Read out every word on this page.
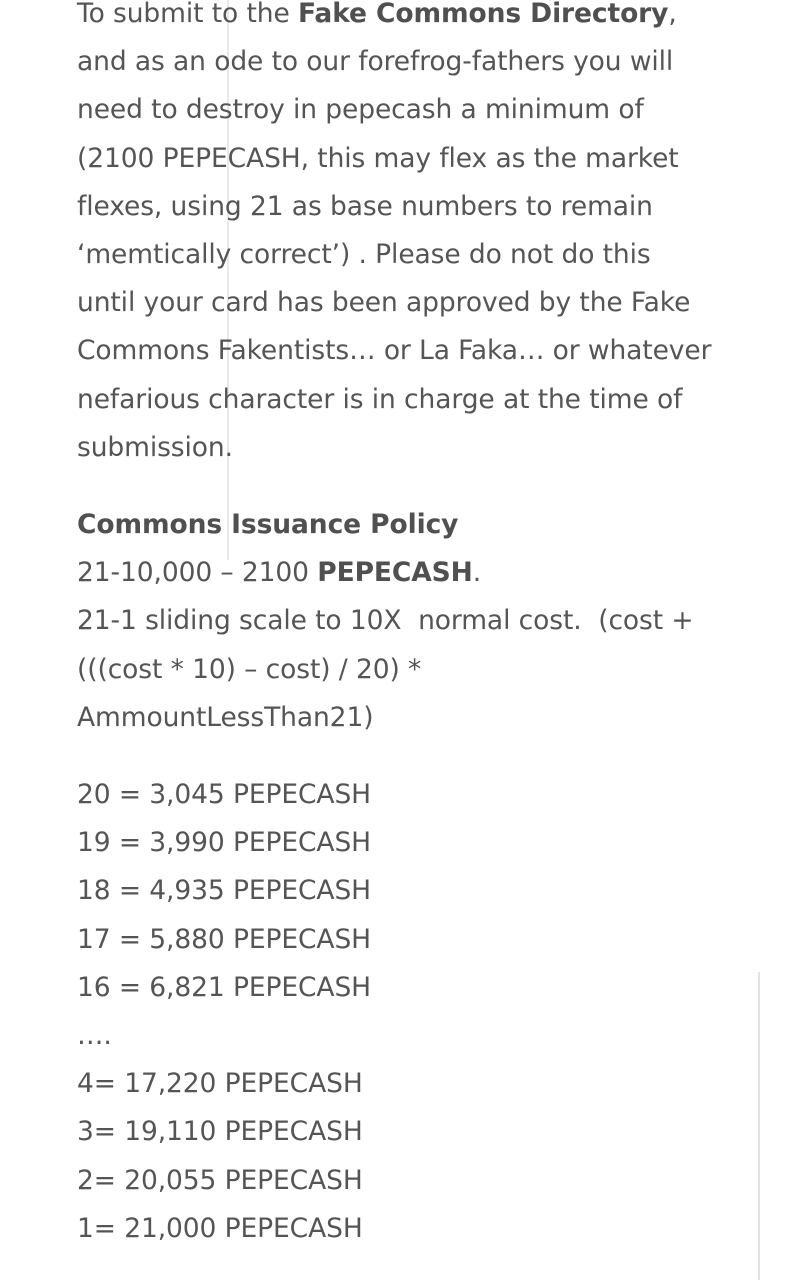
To submit to the Fake Commons Directory, and as an ode to our forefrog-fathers you will need to destroy in pepecash a minimum of (2100 PEPECASH, this may flex as the market flexes, using 21 as base numbers to remain ‘memtically correct’) . Please do not do this until your card has been approved by the Fake Commons Fakentists… or La Faka… or whatever nefarious character is in charge at the time of submission.

Commons Issuance Policy
21-10,000 – 2100 PEPECASH.
21-1 sliding scale to 10X  normal cost.  (cost + (((cost * 10) – cost) / 20) * AmmountLessThan21)

20 = 3,045 PEPECASH
19 = 3,990 PEPECASH
18 = 4,935 PEPECASH
17 = 5,880 PEPECASH
16 = 6,821 PEPECASH
….
4= 17,220 PEPECASH
3= 19,110 PEPECASH
2= 20,055 PEPECASH
1= 21,000 PEPECASH
